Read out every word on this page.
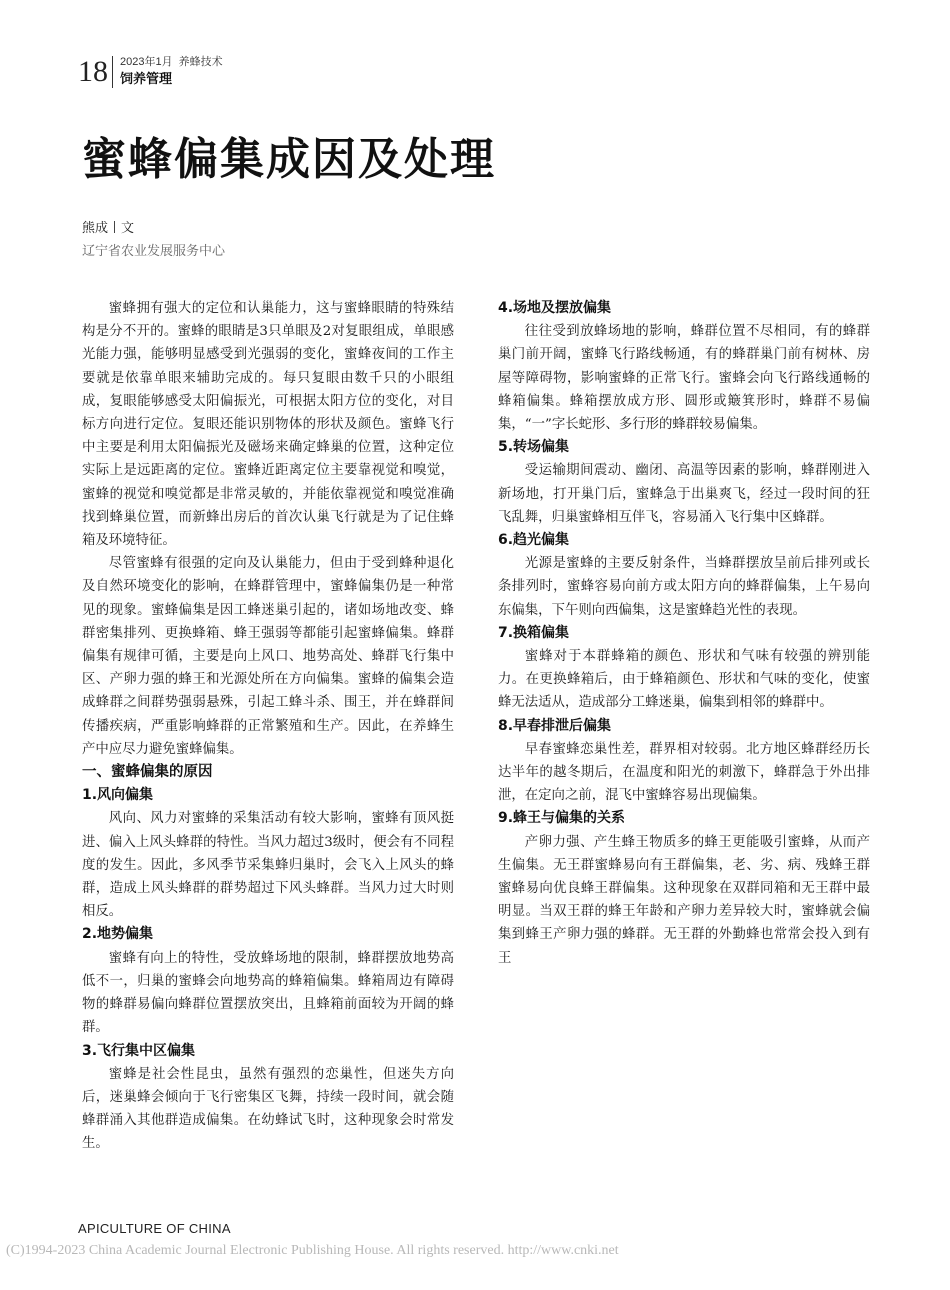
18 2023年1月 养蜂技术
饲养管理
蜜蜂偏集成因及处理
熊成 文
辽宁省农业发展服务中心

蜜蜂拥有强大的定位和认巢能力，这与蜜蜂眼睛的特殊结构是分不开的。蜜蜂的眼睛是3只单眼及2对复眼组成，单眼感光能力强，能够明显感受到光强弱的变化，蜜蜂夜间的工作主要就是依靠单眼来辅助完成的。每只复眼由数千只的小眼组成，复眼能够感受太阳偏振光，可根据太阳方位的变化，对目标方向进行定位。复眼还能识别物体的形状及颜色。蜜蜂飞行中主要是利用太阳偏振光及磁场来确定蜂巢的位置，这种定位实际上是远距离的定位。蜜蜂近距离定位主要靠视觉和嗅觉，蜜蜂的视觉和嗅觉都是非常灵敏的，并能依靠视觉和嗅觉准确找到蜂巢位置，而新蜂出房后的首次认巢飞行就是为了记住蜂箱及环境特征。

尽管蜜蜂有很强的定向及认巢能力，但由于受到蜂种退化及自然环境变化的影响，在蜂群管理中，蜜蜂偏集仍是一种常见的现象。蜜蜂偏集是因工蜂迷巢引起的，诸如场地改变、蜂群密集排列、更换蜂箱、蜂王强弱等都能引起蜜蜂偏集。蜂群偏集有规律可循，主要是向上风口、地势高处、蜂群飞行集中区、产卵力强的蜂王和光源处所在方向偏集。蜜蜂的偏集会造成蜂群之间群势强弱悬殊，引起工蜂斗杀、围王，并在蜂群间传播疾病，严重影响蜂群的正常繁殖和生产。因此，在养蜂生产中应尽力避免蜜蜂偏集。

一、蜜蜂偏集的原因
1.风向偏集

风向、风力对蜜蜂的采集活动有较大影响，蜜蜂有顶风挺进、偏入上风头蜂群的特性。当风力超过3级时，便会有不同程度的发生。因此，多风季节采集蜂归巢时，会飞入上风头的蜂群，造成上风头蜂群的群势超过下风头蜂群。当风力过大时则相反。

2.地势偏集

蜜蜂有向上的特性，受放蜂场地的限制，蜂群摆放地势高低不一，归巢的蜜蜂会向地势高的蜂箱偏集。蜂箱周边有障碍物的蜂群易偏向蜂群位置摆放突出，且蜂箱前面较为开阔的蜂群。

3.飞行集中区偏集

蜜蜂是社会性昆虫，虽然有强烈的恋巢性，但迷失方向后，迷巢蜂会倾向于飞行密集区飞舞，持续一段时间，就会随蜂群涌入其他群造成偏集。在幼蜂试飞时，这种现象会时常发生。

4.场地及摆放偏集

往往受到放蜂场地的影响，蜂群位置不尽相同，有的蜂群巢门前开阔，蜜蜂飞行路线畅通，有的蜂群巢门前有树林、房屋等障碍物，影响蜜蜂的正常飞行。蜜蜂会向飞行路线通畅的蜂箱偏集。蜂箱摆放成方形、圆形或簸箕形时，蜂群不易偏集，“一”字长蛇形、多行形的蜂群较易偏集。

5.转场偏集

受运输期间震动、幽闭、高温等因素的影响，蜂群刚进入新场地，打开巢门后，蜜蜂急于出巢爽飞，经过一段时间的狂飞乱舞，归巢蜜蜂相互伴飞，容易涌入飞行集中区蜂群。

6.趋光偏集

光源是蜜蜂的主要反射条件，当蜂群摆放呈前后排列或长条排列时，蜜蜂容易向前方或太阳方向的蜂群偏集，上午易向东偏集，下午则向西偏集，这是蜜蜂趋光性的表现。

7.换箱偏集

蜜蜂对于本群蜂箱的颜色、形状和气味有较强的辨别能力。在更换蜂箱后，由于蜂箱颜色、形状和气味的变化，使蜜蜂无法适从，造成部分工蜂迷巢，偏集到相邻的蜂群中。

8.早春排泄后偏集

早春蜜蜂恋巢性差，群界相对较弱。北方地区蜂群经历长达半年的越冬期后，在温度和阳光的刺激下，蜂群急于外出排泄，在定向之前，混飞中蜜蜂容易出现偏集。

9.蜂王与偏集的关系

产卵力强、产生蜂王物质多的蜂王更能吸引蜜蜂，从而产生偏集。无王群蜜蜂易向有王群偏集，老、劣、病、残蜂王群蜜蜂易向优良蜂王群偏集。这种现象在双群同箱和无王群中最明显。当双王群的蜂王年龄和产卵力差异较大时，蜜蜂就会偏集到蜂王产卵力强的蜂群。无王群的外勤蜂也常常会投入到有王

APICULTURE OF CHINA
(C)1994-2023 China Academic Journal Electronic Publishing House. All rights reserved. http://www.cnki.net
